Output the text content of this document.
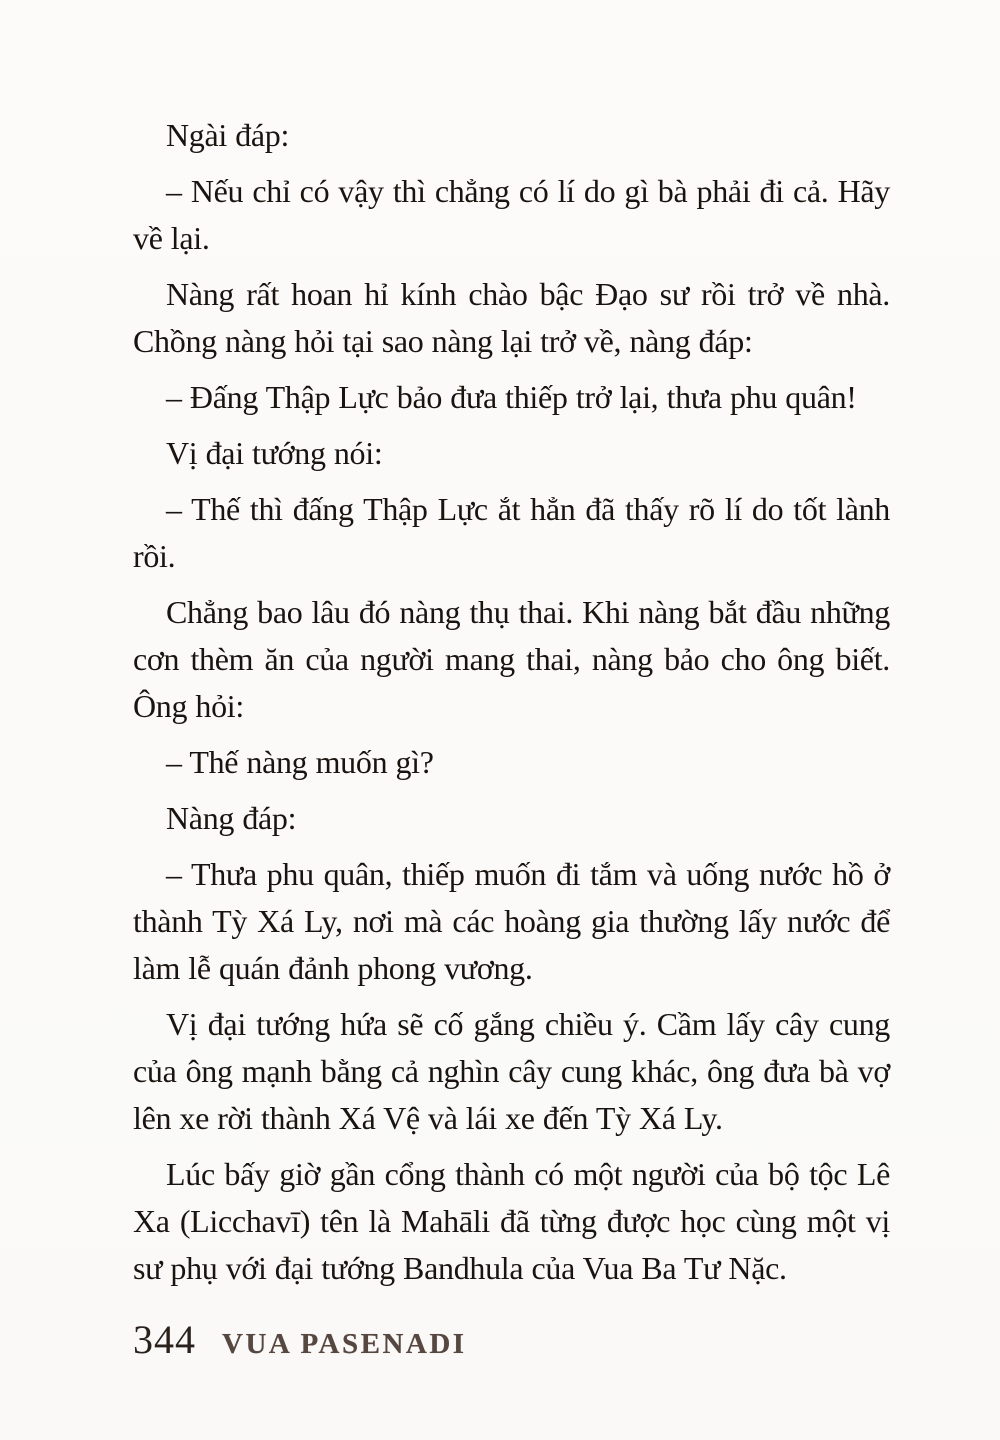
Ngài đáp:

– Nếu chỉ có vậy thì chẳng có lí do gì bà phải đi cả. Hãy về lại.

Nàng rất hoan hỉ kính chào bậc Đạo sư rồi trở về nhà. Chồng nàng hỏi tại sao nàng lại trở về, nàng đáp:

– Đấng Thập Lực bảo đưa thiếp trở lại, thưa phu quân!

Vị đại tướng nói:

– Thế thì đấng Thập Lực ắt hẳn đã thấy rõ lí do tốt lành rồi.

Chẳng bao lâu đó nàng thụ thai. Khi nàng bắt đầu những cơn thèm ăn của người mang thai, nàng bảo cho ông biết. Ông hỏi:

– Thế nàng muốn gì?

Nàng đáp:

– Thưa phu quân, thiếp muốn đi tắm và uống nước hồ ở thành Tỳ Xá Ly, nơi mà các hoàng gia thường lấy nước để làm lễ quán đảnh phong vương.

Vị đại tướng hứa sẽ cố gắng chiều ý. Cầm lấy cây cung của ông mạnh bằng cả nghìn cây cung khác, ông đưa bà vợ lên xe rời thành Xá Vệ và lái xe đến Tỳ Xá Ly.

Lúc bấy giờ gần cổng thành có một người của bộ tộc Lê Xa (Licchavī) tên là Mahāli đã từng được học cùng một vị sư phụ với đại tướng Bandhula của Vua Ba Tư Nặc.

344 VUA PASENADI
